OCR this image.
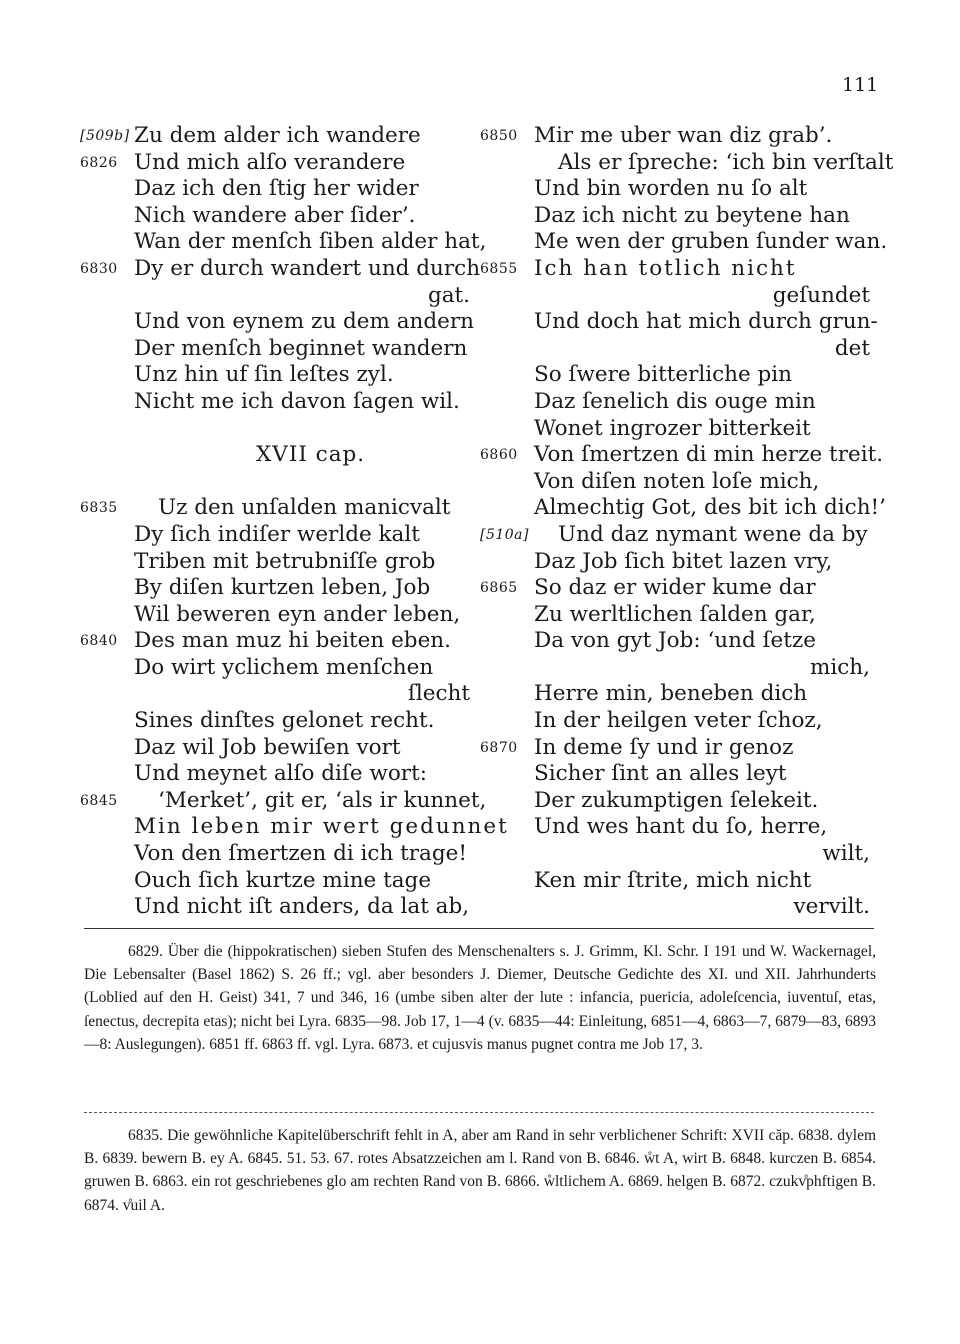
111
[509b] Zu dem alder ich wandere
6826 Und mich alſo verandere
Daz ich den ſtig her wider
Nich wandere aber ſider’.
Wan der menſch ſiben alder hat,
6830 Dy er durch wandert und durch
gat.
Und von eynem zu dem andern
Der menſch beginnet wandern
Unz hin uf ſin leſtes zyl.
Nicht me ich davon ſagen wil.
XVII cap.
6835	Uz den unſalden manicvalt
Dy ſich indiſer werlde kalt
Triben mit betrubniſſe grob
By diſen kurtzen leben, Job
Wil beweren eyn ander leben,
6840 Des man muz hi beiten eben.
Do wirt yclichem menſchen
ſlecht
Sines dinſtes gelonet recht.
Daz wil Job bewiſen vort
Und meynet alſo diſe wort:
6845	‘Merket’, git er, ‘als ir kunnet,
Min leben mir wert gedunnet
Von den ſmertzen di ich trage!
Ouch ſich kurtze mine tage
Und nicht iſt anders, da lat ab,
6850 Mir me uber wan diz grab’.
Als er ſpreche: ‘ich bin verſtalt
Und bin worden nu ſo alt
Daz ich nicht zu beytene han
Me wen der gruben ſunder wan.
6855 Ich han totlich nicht
geſundet
Und doch hat mich durch grun-
det
So ſwere bitterliche pin
Daz ſenelich dis ouge min
Wonet ingrozer bitterkeit
6860 Von ſmertzen di min herze treit.
Von diſen noten loſe mich,
Almechtig Got, des bit ich dich!’
[510a] Und daz nymant wene da by
Daz Job ſich bitet lazen vry,
6865 So daz er wider kume dar
Zu werltlichen ſalden gar,
Da von gyt Job: ‘und ſetze
mich,
Herre min, beneben dich
In der heilgen veter ſchoz,
6870 In deme ſy und ir genoz
Sicher ſint an alles leyt
Der zukumptigen ſelekeit.
Und wes hant du ſo, herre,
wilt,
Ken mir ſtrite, mich nicht
vervilt.

6829. Über die (hippokratischen) sieben Stufen des Menschenalters s. J. Grimm, Kl. Schr. I 191 und W. Wackernagel, Die Lebensalter (Basel 1862) S. 26 ff.; vgl. aber besonders J. Diemer, Deutsche Gedichte des XI. und XII. Jahrhunderts (Loblied auf den H. Geist) 341, 7 und 346, 16 (umbe siben alter der lute : infancia, puericia, adoleſcencia, iuventuſ, etas, ſenectus, decrepita etas); nicht bei Lyra. 6835—98. Job 17, 1—4 (v. 6835—44: Einleitung, 6851—4, 6863—7, 6879—83, 6893—8: Auslegungen). 6851 ff. 6863 ff. vgl. Lyra. 6873. et cujusvis manus pugnet contra me Job 17, 3.

6835. Die gewöhnliche Kapitelüberschrift fehlt in A, aber am Rand in sehr verblichener Schrift: XVII căp. 6838. dylem B. 6839. bewern B. ey A. 6845. 51. 53. 67. rotes Absatzzeichen am l. Rand von B. 6846. ẘt A, wirt B. 6848. kurczen B. 6854. gruwen B. 6863. ein rot geschriebenes glo am rechten Rand von B. 6866. ẘltlichem A. 6869. helgen B. 6872. czukv̊phftigen B. 6874. v̊uil A.
